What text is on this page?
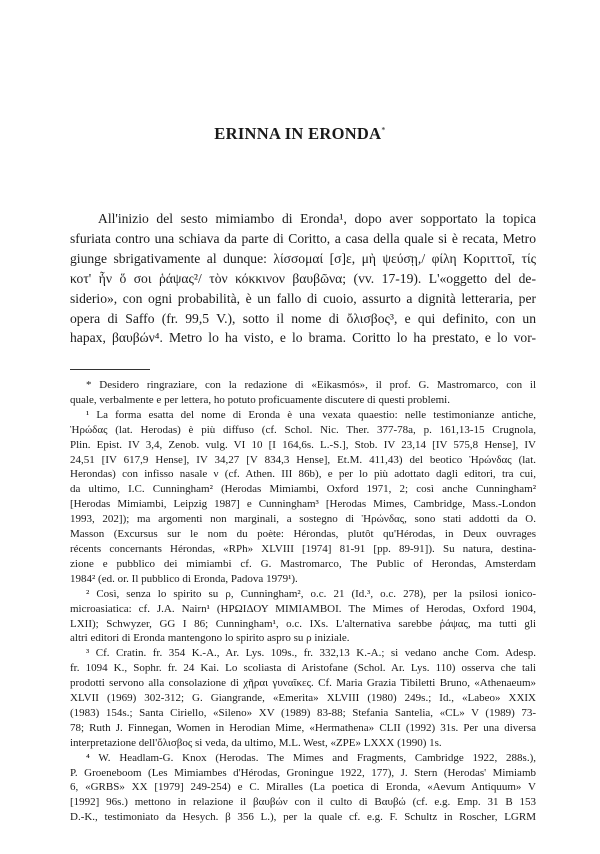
ERINNA IN ERONDA*
All'inizio del sesto mimiambo di Eronda¹, dopo aver sopportato la topica
sfuriata contro una schiava da parte di Coritto, a casa della quale si è recata, Metro
giunge sbrigativamente al dunque: λίσσομαί [σ]ε, μὴ ψεύσῃ,/ φίλη Κοριττοῖ, τίς
κοτ' ἦν ὅ σοι ῥάψας²/ τὸν κόκκινον βαυβῶνα; (vv. 17-19). L'«oggetto del de-
siderio», con ogni probabilità, è un fallo di cuoio, assurto a dignità letteraria, per
opera di Saffo (fr. 99,5 V.), sotto il nome di ὄλισβος³, e qui definito, con un
hapax, βαυβών⁴. Metro lo ha visto, e lo brama. Coritto lo ha prestato, e lo vor-
* Desidero ringraziare, con la redazione di «Eikasmós», il prof. G. Mastromarco, con il
quale, verbalmente e per lettera, ho potuto proficuamente discutere di questi problemi.
¹ La forma esatta del nome di Eronda è una vexata quaestio: nelle testimonianze antiche,
Ἡρώδας (lat. Herodas) è più diffuso (cf. Schol. Nic. Ther. 377-78a, p. 161,13-15 Crugnola,
Plin. Epist. IV 3,4, Zenob. vulg. VI 10 [I 164,6s. L.-S.], Stob. IV 23,14 [IV 575,8 Hense], IV
24,51 [IV 617,9 Hense], IV 34,27 [V 834,3 Hense], Et.M. 411,43) del beotico Ἡρώνδας (lat.
Herondas) con infisso nasale ν (cf. Athen. III 86b), e per lo più adottato dagli editori, tra cui,
da ultimo, I.C. Cunningham² (Herodas Mimiambi, Oxford 1971, 2; così anche Cunningham²
[Herodas Mimiambi, Leipzig 1987] e Cunningham³ [Herodas Mimes, Cambridge, Mass.-London
1993, 202]); ma argomenti non marginali, a sostegno di Ἡρώνδας, sono stati addotti da O.
Masson (Excursus sur le nom du poète: Hérondas, plutôt qu'Hérodas, in Deux ouvrages
récents concernants Hérondas, «RPh» XLVIII [1974] 81-91 [pp. 89-91]). Su natura, destina-
zione e pubblico dei mimiambi cf. G. Mastromarco, The Public of Herondas, Amsterdam
1984² (ed. or. Il pubblico di Eronda, Padova 1979¹).
² Così, senza lo spirito su ρ, Cunningham², o.c. 21 (Id.³, o.c. 278), per la psilosi ionico-
microasiatica: cf. J.A. Nairn¹ (ΗΡΩΙΔΟΥ ΜΙΜΙΑΜΒΟΙ. The Mimes of Herodas, Oxford 1904,
LXII); Schwyzer, GG I 86; Cunningham¹, o.c. IXs. L'alternativa sarebbe ῥάψας, ma tutti gli
altri editori di Eronda mantengono lo spirito aspro su ρ iniziale.
³ Cf. Cratin. fr. 354 K.-A., Ar. Lys. 109s., fr. 332,13 K.-A.; si vedano anche Com. Adesp.
fr. 1094 K., Sophr. fr. 24 Kai. Lo scoliasta di Aristofane (Schol. Ar. Lys. 110) osserva che tali
prodotti servono alla consolazione di χῆραι γυναῖκες. Cf. Maria Grazia Tibiletti Bruno, «Athenaeum»
XLVII (1969) 302-312; G. Giangrande, «Emerita» XLVIII (1980) 249s.; Id., «Labeo» XXIX
(1983) 154s.; Santa Ciriello, «Sileno» XV (1989) 83-88; Stefania Santelia, «CL» V (1989) 73-
78; Ruth J. Finnegan, Women in Herodian Mime, «Hermathena» CLII (1992) 31s. Per una diversa
interpretazione dell'ὄλισβος si veda, da ultimo, M.L. West, «ZPE» LXXX (1990) 1s.
⁴ W. Headlam-G. Knox (Herodas. The Mimes and Fragments, Cambridge 1922, 288s.),
P. Groeneboom (Les Mimiambes d'Hérodas, Groningue 1922, 177), J. Stern (Herodas' Mimiamb
6, «GRBS» XX [1979] 249-254) e C. Miralles (La poetica di Eronda, «Aevum Antiquum» V
[1992] 96s.) mettono in relazione il βαυβών con il culto di Βαυβώ (cf. e.g. Emp. 31 B 153
D.-K., testimoniato da Hesych. β 356 L.), per la quale cf. e.g. F. Schultz in Roscher, LGRM
